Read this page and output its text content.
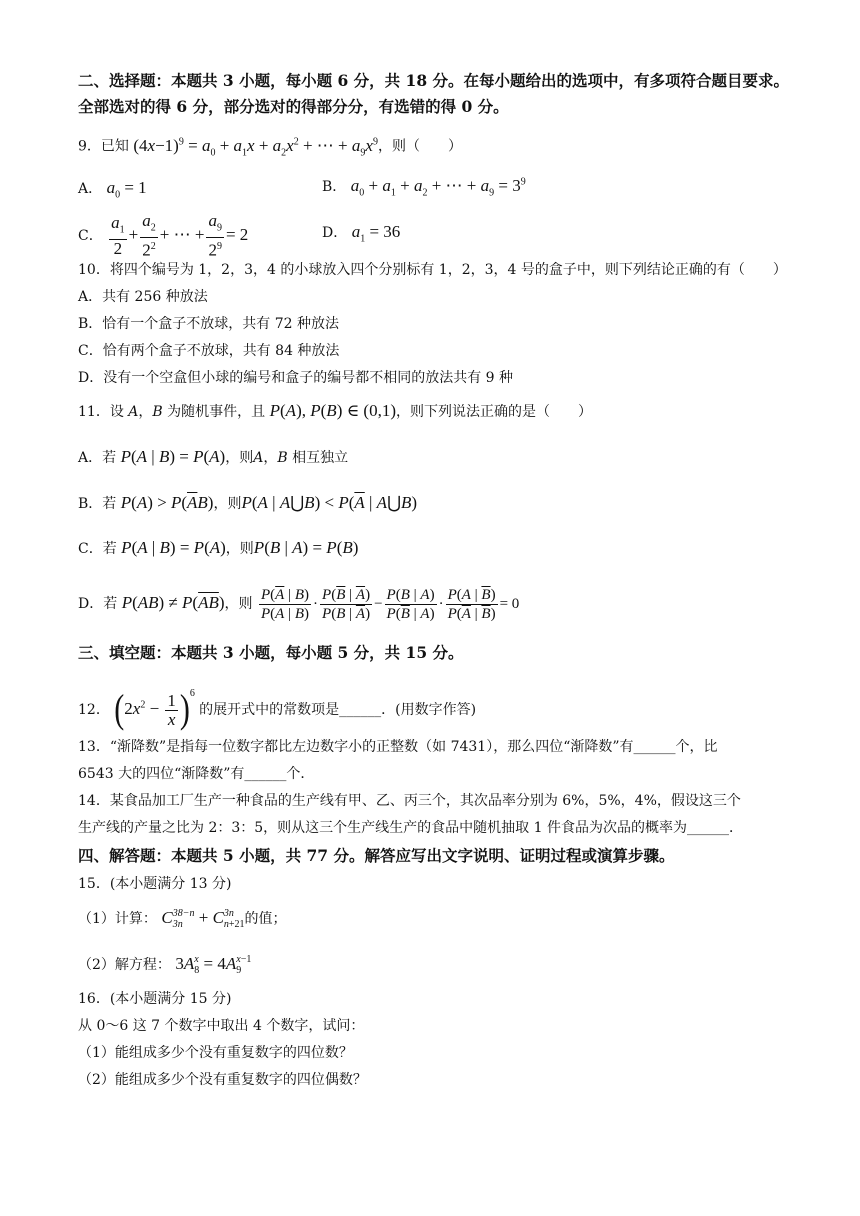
二、选择题：本题共 3 小题，每小题 6 分，共 18 分。在每小题给出的选项中，有多项符合题目要求。全部选对的得 6 分，部分选对的得部分分，有选错的得 0 分。
9．已知 $(4x-1)^9 = a_0 + a_1x + a_2x^2$ + ⋯ + $a_9x^9$，则（　　）
A． $a_0 = 1$	B． $a_0 + a_1 + a_2$ + ⋯ + $a_9 = 3^9$
C． $\frac{a_1}{2} + \frac{a_2}{2^2}$ + ⋯ + $\frac{a_9}{2^9} = 2$	D． $a_1 = 36$
10．将四个编号为 1，2，3，4 的小球放入四个分别标有 1，2，3，4 号的盒子中，则下列结论正确的有（　　）
A．共有 256 种放法
B．恰有一个盒子不放球，共有 72 种放法
C．恰有两个盒子不放球，共有 84 种放法
D．没有一个空盒但小球的编号和盒子的编号都不相同的放法共有 9 种
11．设 A，B 为随机事件，且 P(A), P(B) ∈ (0,1)，则下列说法正确的是（　　）
A．若 P(A | B) = P(A)，则A，B 相互独立
B．若 $P(A) > P(\overline{A}B)$，则P(A | A⋃B) < $P(\overline{A}$ | A⋃B)
C．若 P(A | B) = P(A)，则P(B | A) = P(B)
D．若 $P(AB) \ne P(\overline{A}\overline{B})$，则 $\frac{P(\overline{A} | B)}{P(A | B)} \cdot \frac{P(\overline{B} | \overline{A})}{P(B | \overline{A})} - \frac{P(B | A)}{P(\overline{B} | A)} \cdot \frac{P(A | \overline{B})}{P(\overline{A} | \overline{B})} = 0$
三、填空题：本题共 3 小题，每小题 5 分，共 15 分。
12． $(2x^2 - \frac{1}{x} )^6$ 的展开式中的常数项是______．(用数字作答)
13．“渐降数”是指每一位数字都比左边数字小的正整数（如 7431），那么四位“渐降数”有______个，比
6543 大的四位“渐降数”有______个．
14．某食品加工厂生产一种食品的生产线有甲、乙、丙三个，其次品率分别为 6%，5%，4%，假设这三个
生产线的产量之比为 2：3：5，则从这三个生产线生产的食品中随机抽取 1 件食品为次品的概率为______．
四、解答题：本题共 5 小题，共 77 分。解答应写出文字说明、证明过程或演算步骤。
15．(本小题满分 13 分)
（1）计算： C38−n
3n + C3n
n+21的值；
（2）解方程： 3Ax
8 = 4Ax−1
9
16．(本小题满分 15 分)
从 0～6 这 7 个数字中取出 4 个数字，试问：
（1）能组成多少个没有重复数字的四位数？
（2）能组成多少个没有重复数字的四位偶数？
